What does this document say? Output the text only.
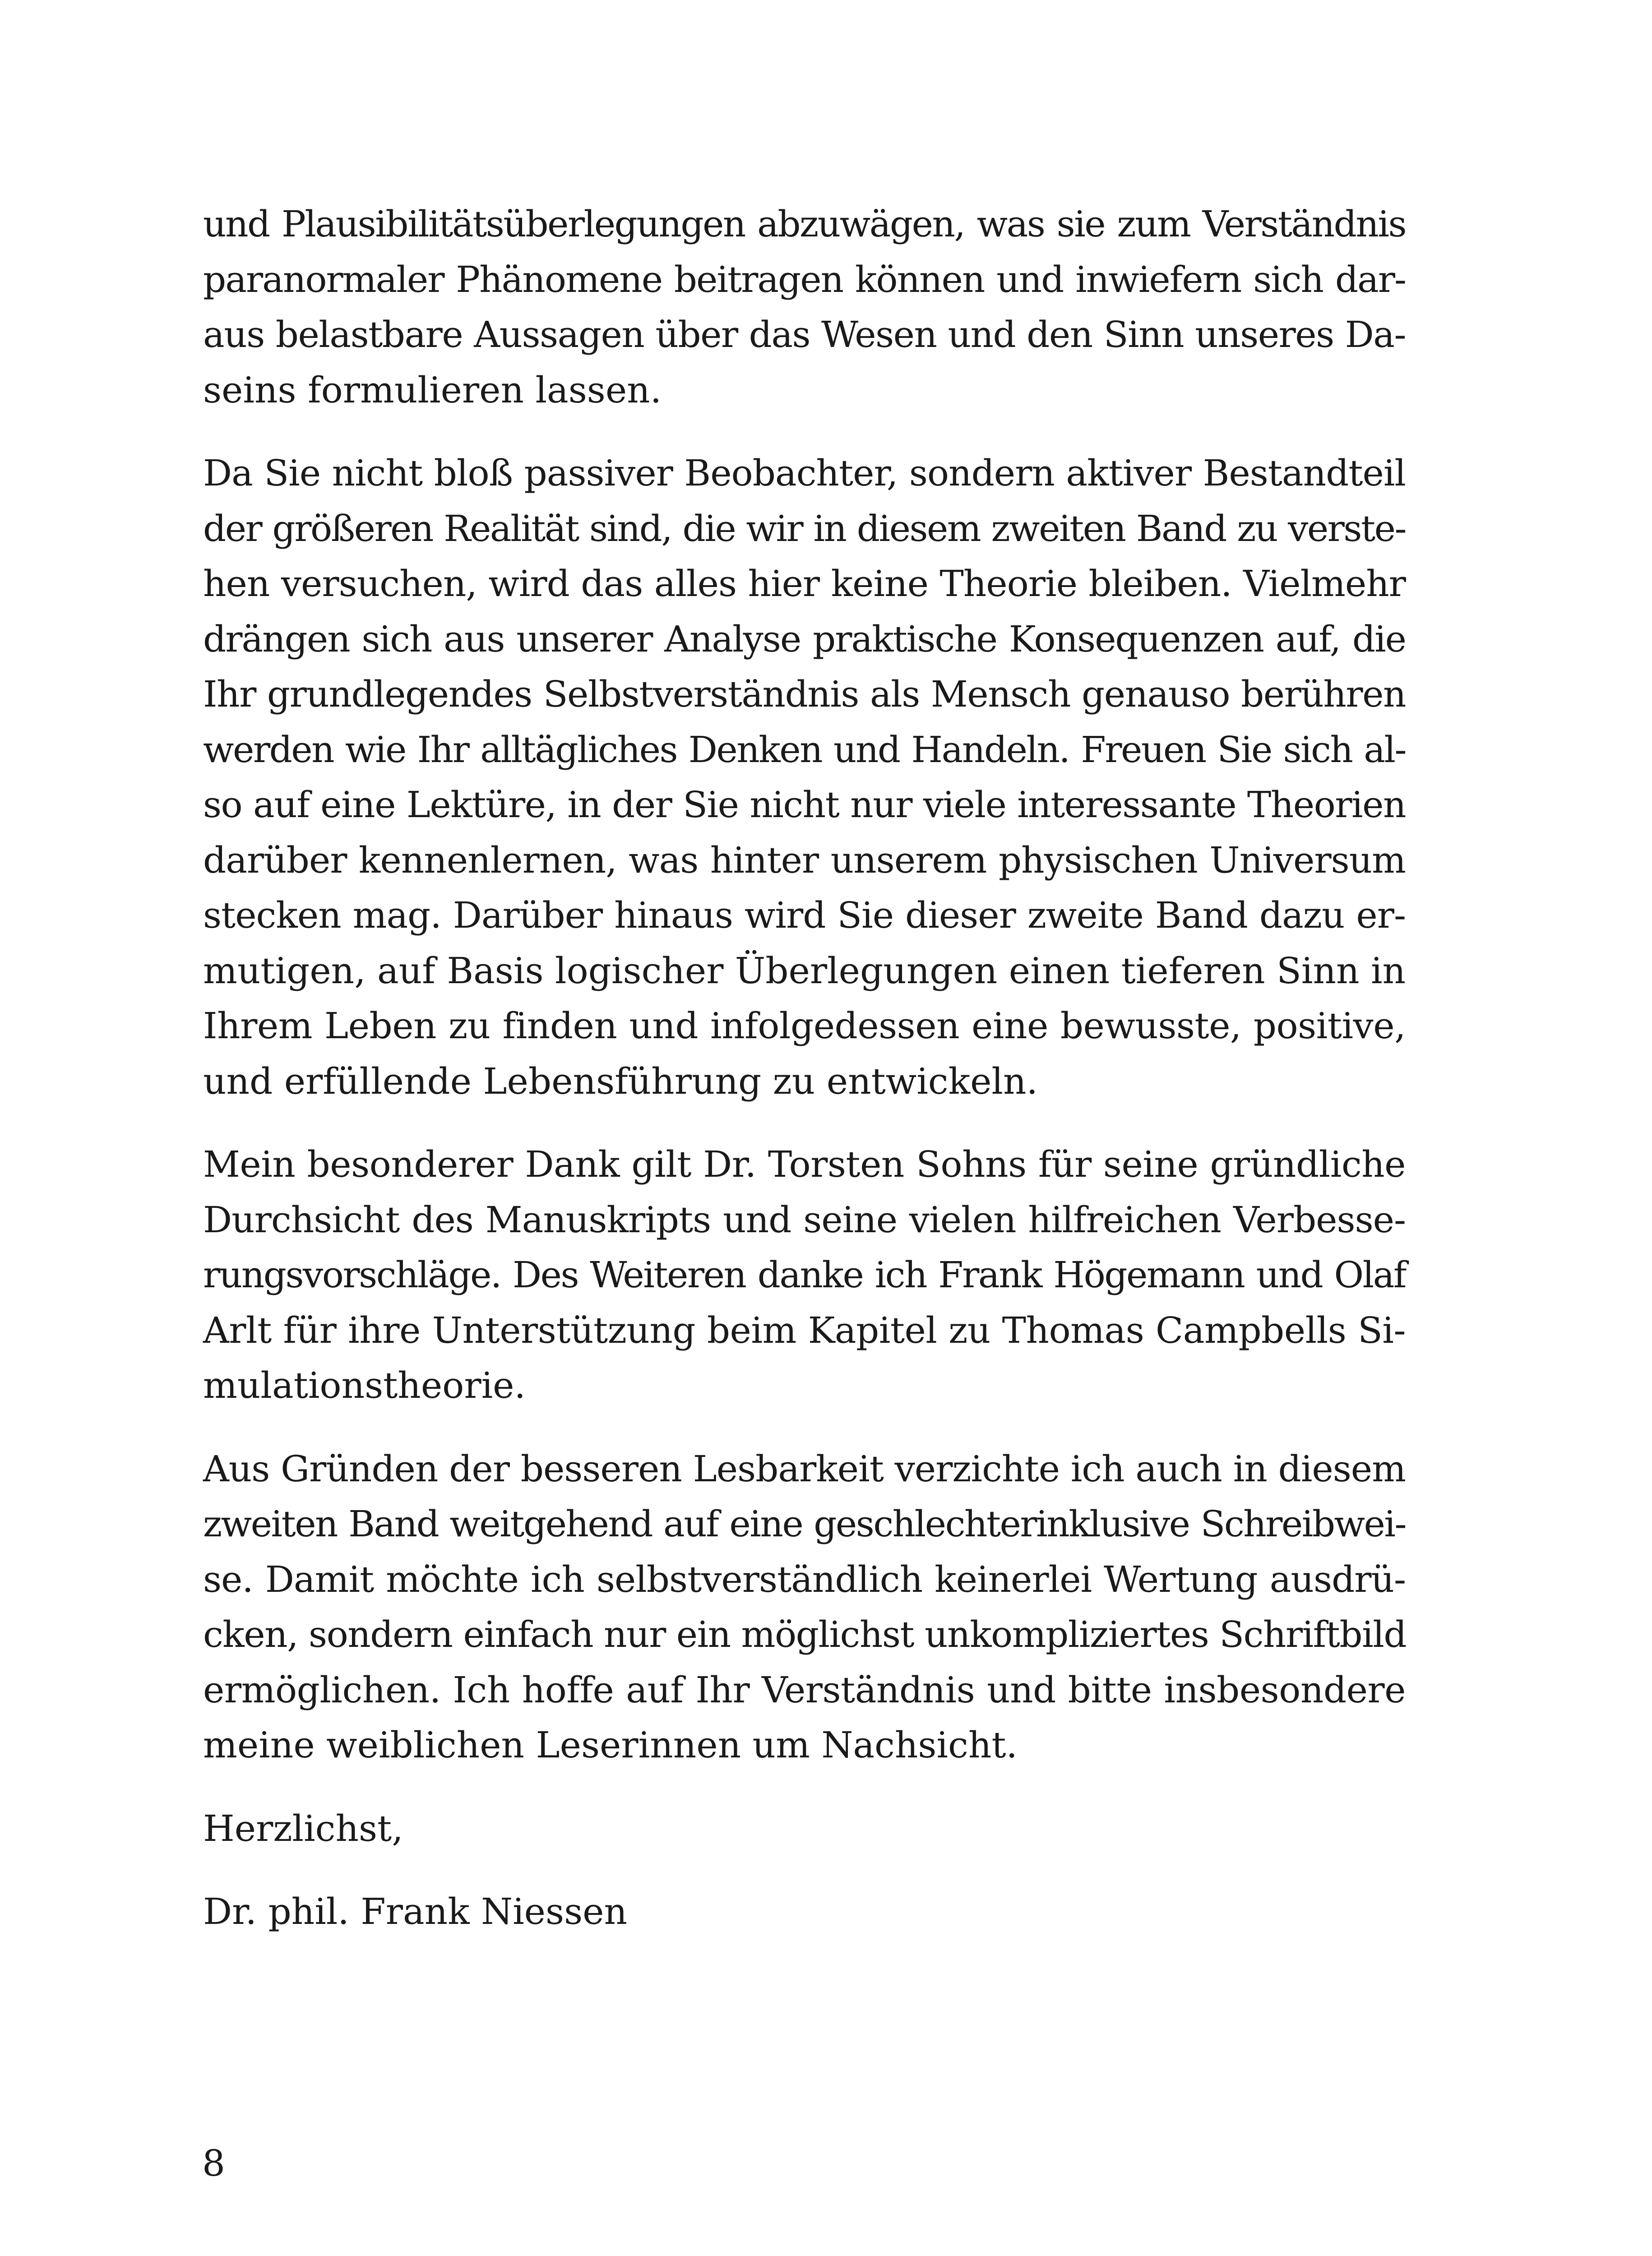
und Plausibilitätsüberlegungen abzuwägen, was sie zum Verständnis
paranormaler Phänomene beitragen können und inwiefern sich dar-
aus belastbare Aussagen über das Wesen und den Sinn unseres Da-
seins formulieren lassen.

Da Sie nicht bloß passiver Beobachter, sondern aktiver Bestandteil
der größeren Realität sind, die wir in diesem zweiten Band zu verste-
hen versuchen, wird das alles hier keine Theorie bleiben. Vielmehr
drängen sich aus unserer Analyse praktische Konsequenzen auf, die
Ihr grundlegendes Selbstverständnis als Mensch genauso berühren
werden wie Ihr alltägliches Denken und Handeln. Freuen Sie sich al-
so auf eine Lektüre, in der Sie nicht nur viele interessante Theorien
darüber kennenlernen, was hinter unserem physischen Universum
stecken mag. Darüber hinaus wird Sie dieser zweite Band dazu er-
mutigen, auf Basis logischer Überlegungen einen tieferen Sinn in
Ihrem Leben zu finden und infolgedessen eine bewusste, positive,
und erfüllende Lebensführung zu entwickeln.

Mein besonderer Dank gilt Dr. Torsten Sohns für seine gründliche
Durchsicht des Manuskripts und seine vielen hilfreichen Verbesse-
rungsvorschläge. Des Weiteren danke ich Frank Högemann und Olaf
Arlt für ihre Unterstützung beim Kapitel zu Thomas Campbells Si-
mulationstheorie.

Aus Gründen der besseren Lesbarkeit verzichte ich auch in diesem
zweiten Band weitgehend auf eine geschlechterinklusive Schreibwei-
se. Damit möchte ich selbstverständlich keinerlei Wertung ausdrü-
cken, sondern einfach nur ein möglichst unkompliziertes Schriftbild
ermöglichen. Ich hoffe auf Ihr Verständnis und bitte insbesondere
meine weiblichen Leserinnen um Nachsicht.

Herzlichst,

Dr. phil. Frank Niessen

8
